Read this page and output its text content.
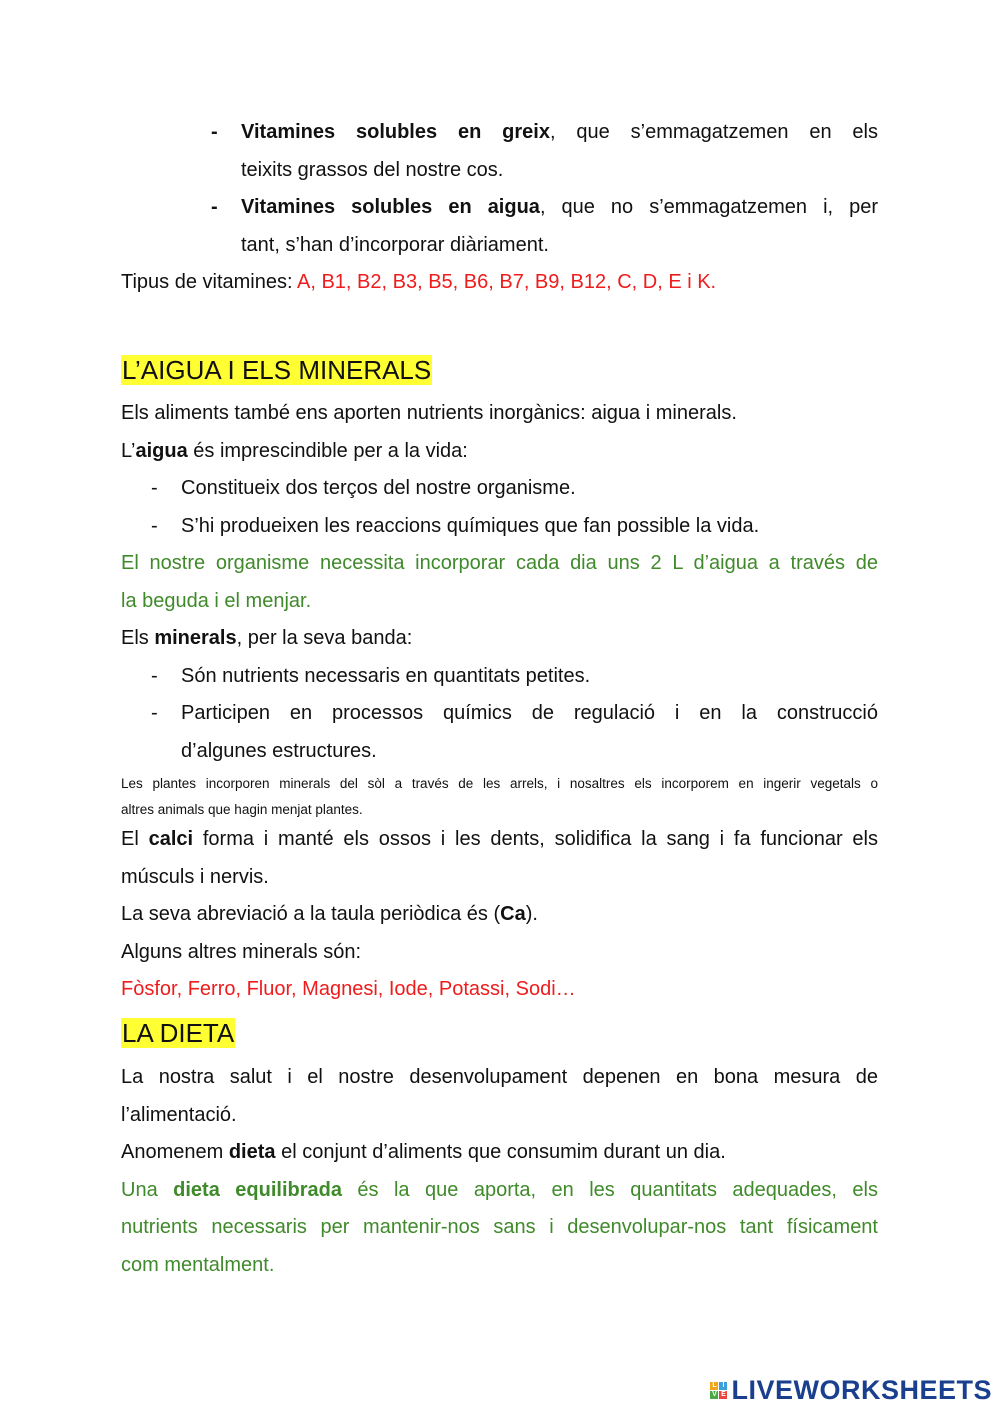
- Vitamines solubles en greix, que s’emmagatzemen en els
teixits grassos del nostre cos.
- Vitamines solubles en aigua, que no s’emmagatzemen i, per
tant, s’han d’incorporar diàriament.
Tipus de vitamines: A, B1, B2, B3, B5, B6, B7, B9, B12, C, D, E i K.
L’AIGUA I ELS MINERALS
Els aliments també ens aporten nutrients inorgànics: aigua i minerals.
L’aigua és imprescindible per a la vida:
- Constitueix dos terços del nostre organisme.
- S’hi produeixen les reaccions químiques que fan possible la vida.
El nostre organisme necessita incorporar cada dia uns 2 L d’aigua a través de
la beguda i el menjar.
Els minerals, per la seva banda:
- Són nutrients necessaris en quantitats petites.
- Participen en processos químics de regulació i en la construcció
d’algunes estructures.
Les plantes incorporen minerals del sòl a través de les arrels, i nosaltres els incorporem en ingerir vegetals o
altres animals que hagin menjat plantes.
El calci forma i manté els ossos i les dents, solidifica la sang i fa funcionar els
músculs i nervis.
La seva abreviació a la taula periòdica és (Ca).
Alguns altres minerals són:
Fòsfor, Ferro, Fluor, Magnesi, Iode, Potassi, Sodi…
LA DIETA
La nostra salut i el nostre desenvolupament depenen en bona mesura de
l’alimentació.
Anomenem dieta el conjunt d’aliments que consumim durant un dia.
Una dieta equilibrada és la que aporta, en les quantitats adequades, els
nutrients necessaris per mantenir-nos sans i desenvolupar-nos tant físicament
com mentalment.
L I
V E LIVEWORKSHEETS
